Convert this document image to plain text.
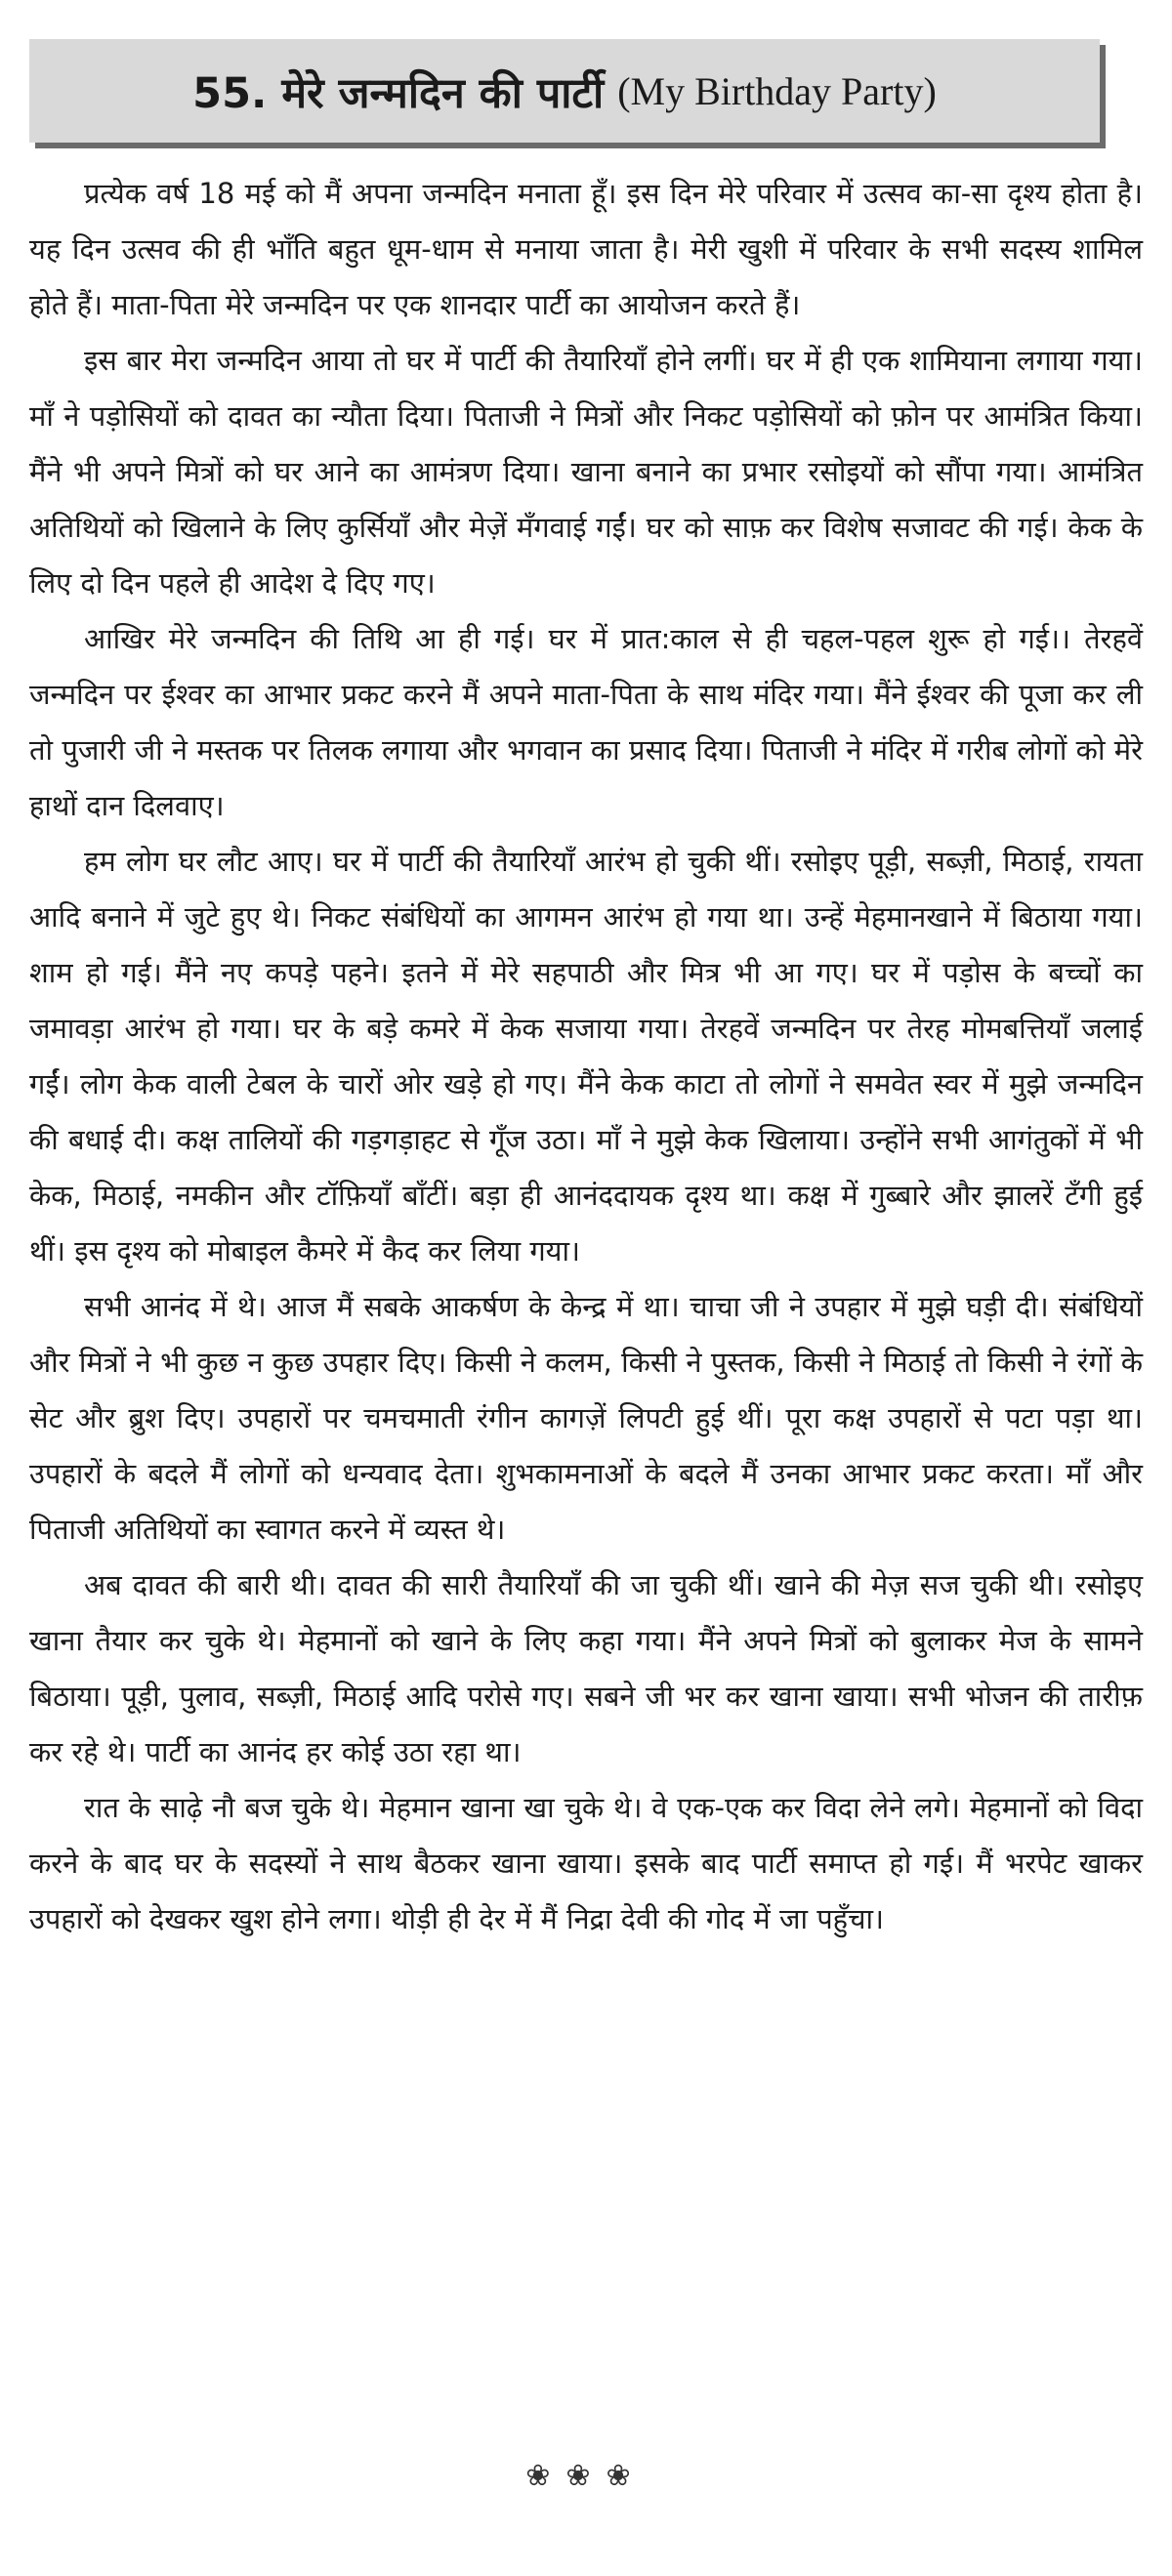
55. मेरे जन्मदिन की पार्टी (My Birthday Party)

प्रत्येक वर्ष 18 मई को मैं अपना जन्मदिन मनाता हूँ। इस दिन मेरे परिवार में उत्सव का-सा दृश्य होता है। यह दिन उत्सव की ही भाँति बहुत धूम-धाम से मनाया जाता है। मेरी खुशी में परिवार के सभी सदस्य शामिल होते हैं। माता-पिता मेरे जन्मदिन पर एक शानदार पार्टी का आयोजन करते हैं।

इस बार मेरा जन्मदिन आया तो घर में पार्टी की तैयारियाँ होने लगीं। घर में ही एक शामियाना लगाया गया। माँ ने पड़ोसियों को दावत का न्यौता दिया। पिताजी ने मित्रों और निकट पड़ोसियों को फ़ोन पर आमंत्रित किया। मैंने भी अपने मित्रों को घर आने का आमंत्रण दिया। खाना बनाने का प्रभार रसोइयों को सौंपा गया। आमंत्रित अतिथियों को खिलाने के लिए कुर्सियाँ और मेज़ें मँगवाई गईं। घर को साफ़ कर विशेष सजावट की गई। केक के लिए दो दिन पहले ही आदेश दे दिए गए।

आखिर मेरे जन्मदिन की तिथि आ ही गई। घर में प्रात:काल से ही चहल-पहल शुरू हो गई।। तेरहवें जन्मदिन पर ईश्वर का आभार प्रकट करने मैं अपने माता-पिता के साथ मंदिर गया। मैंने ईश्वर की पूजा कर ली तो पुजारी जी ने मस्तक पर तिलक लगाया और भगवान का प्रसाद दिया। पिताजी ने मंदिर में गरीब लोगों को मेरे हाथों दान दिलवाए।

हम लोग घर लौट आए। घर में पार्टी की तैयारियाँ आरंभ हो चुकी थीं। रसोइए पूड़ी, सब्ज़ी, मिठाई, रायता आदि बनाने में जुटे हुए थे। निकट संबंधियों का आगमन आरंभ हो गया था। उन्हें मेहमानखाने में बिठाया गया। शाम हो गई। मैंने नए कपड़े पहने। इतने में मेरे सहपाठी और मित्र भी आ गए। घर में पड़ोस के बच्चों का जमावड़ा आरंभ हो गया। घर के बड़े कमरे में केक सजाया गया। तेरहवें जन्मदिन पर तेरह मोमबत्तियाँ जलाई गईं। लोग केक वाली टेबल के चारों ओर खड़े हो गए। मैंने केक काटा तो लोगों ने समवेत स्वर में मुझे जन्मदिन की बधाई दी। कक्ष तालियों की गड़गड़ाहट से गूँज उठा। माँ ने मुझे केक खिलाया। उन्होंने सभी आगंतुकों में भी केक, मिठाई, नमकीन और टॉफ़ियाँ बाँटीं। बड़ा ही आनंददायक दृश्य था। कक्ष में गुब्बारे और झालरें टँगी हुई थीं। इस दृश्य को मोबाइल कैमरे में कैद कर लिया गया।

सभी आनंद में थे। आज मैं सबके आकर्षण के केन्द्र में था। चाचा जी ने उपहार में मुझे घड़ी दी। संबंधियों और मित्रों ने भी कुछ न कुछ उपहार दिए। किसी ने कलम, किसी ने पुस्तक, किसी ने मिठाई तो किसी ने रंगों के सेट और ब्रुश दिए। उपहारों पर चमचमाती रंगीन कागज़ें लिपटी हुई थीं। पूरा कक्ष उपहारों से पटा पड़ा था। उपहारों के बदले मैं लोगों को धन्यवाद देता। शुभकामनाओं के बदले मैं उनका आभार प्रकट करता। माँ और पिताजी अतिथियों का स्वागत करने में व्यस्त थे।

अब दावत की बारी थी। दावत की सारी तैयारियाँ की जा चुकी थीं। खाने की मेज़ सज चुकी थी। रसोइए खाना तैयार कर चुके थे। मेहमानों को खाने के लिए कहा गया। मैंने अपने मित्रों को बुलाकर मेज के सामने बिठाया। पूड़ी, पुलाव, सब्ज़ी, मिठाई आदि परोसे गए। सबने जी भर कर खाना खाया। सभी भोजन की तारीफ़ कर रहे थे। पार्टी का आनंद हर कोई उठा रहा था।

रात के साढ़े नौ बज चुके थे। मेहमान खाना खा चुके थे। वे एक-एक कर विदा लेने लगे। मेहमानों को विदा करने के बाद घर के सदस्यों ने साथ बैठकर खाना खाया। इसके बाद पार्टी समाप्त हो गई। मैं भरपेट खाकर उपहारों को देखकर खुश होने लगा। थोड़ी ही देर में मैं निद्रा देवी की गोद में जा पहुँचा।

❀❀❀
